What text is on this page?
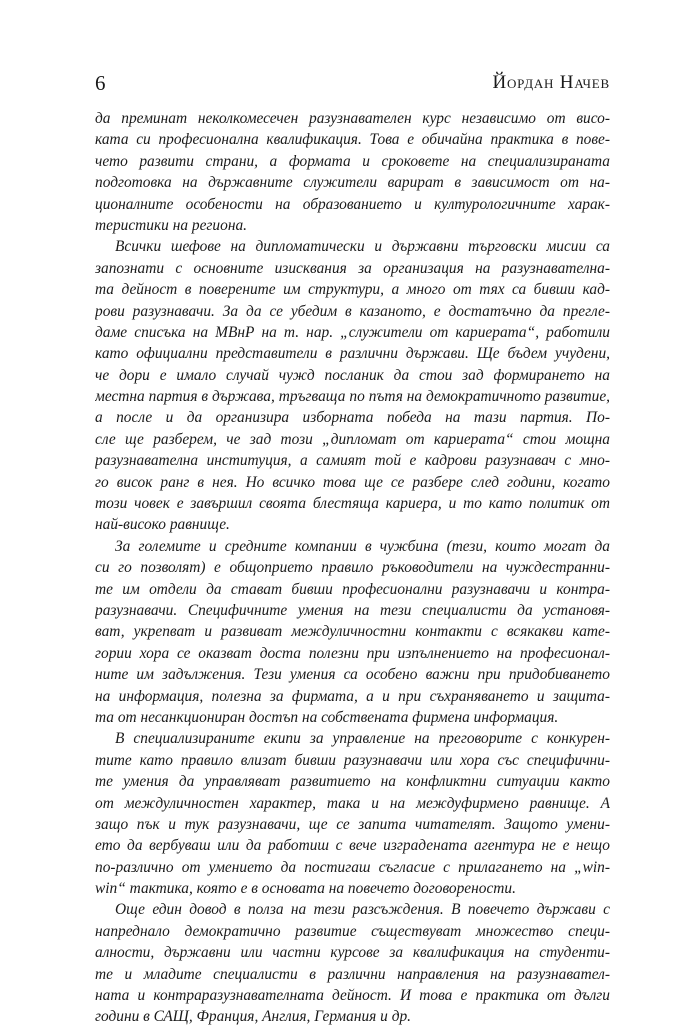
6	Йордан Начев
да преминат неколкомесечен разузнавателен курс независимо от висо-
ката си професионална квалификация. Това е обичайна практика в пове-
чето развити страни, а формата и сроковете на специализираната
подготовка на държавните служители варират в зависимост от на-
ционалните особености на образованието и културологичните харак-
теристики на региона.
Всички шефове на дипломатически и държавни търговски мисии са
запознати с основните изисквания за организация на разузнавателна-
та дейност в поверените им структури, а много от тях са бивши кад-
рови разузнавачи. За да се убедим в казаното, е достатъчно да прегле-
даме списъка на МВнР на т. нар. „служители от кариерата“, работили
като официални представители в различни държави. Ще бъдем учудени,
че дори е имало случай чужд посланик да стои зад формирането на
местна партия в държава, тръгваща по пътя на демократичното развитие,
а после и да организира изборната победа на тази партия. По-
сле ще разберем, че зад този „дипломат от кариерата“ стои мощна
разузнавателна институция, а самият той е кадрови разузнавач с мно-
го висок ранг в нея. Но всичко това ще се разбере след години, когато
този човек е завършил своята блестяща кариера, и то като политик от
най-високо равнище.
За големите и средните компании в чужбина (тези, които могат да
си го позволят) е общоприето правило ръководители на чуждестранни-
те им отдели да стават бивши професионални разузнавачи и контра-
разузнавачи. Специфичните умения на тези специалисти да установя-
ват, укрепват и развиват междуличностни контакти с всякакви кате-
гории хора се оказват доста полезни при изпълнението на професионал-
ните им задължения. Тези умения са особено важни при придобиването
на информация, полезна за фирмата, а и при съхраняването и защита-
та от несанкциониран достъп на собствената фирмена информация.
В специализираните екипи за управление на преговорите с конкурен-
тите като правило влизат бивши разузнавачи или хора със специфични-
те умения да управляват развитието на конфликтни ситуации както
от междуличностен характер, така и на междуфирмено равнище. А
защо пък и тук разузнавачи, ще се запита читателят. Защото умени-
ето да вербуваш или да работиш с вече изградената агентура не е нещо
по-различно от умението да постигаш съгласие с прилагането на „win-
win“ тактика, която е в основата на повечето договорености.
Още един довод в полза на тези разсъждения. В повечето държави с
напреднало демократично развитие съществуват множество специ-
алности, държавни или частни курсове за квалификация на студенти-
те и младите специалисти в различни направления на разузнавател-
ната и контраразузнавателната дейност. И това е практика от дълги
години в САЩ, Франция, Англия, Германия и др.
